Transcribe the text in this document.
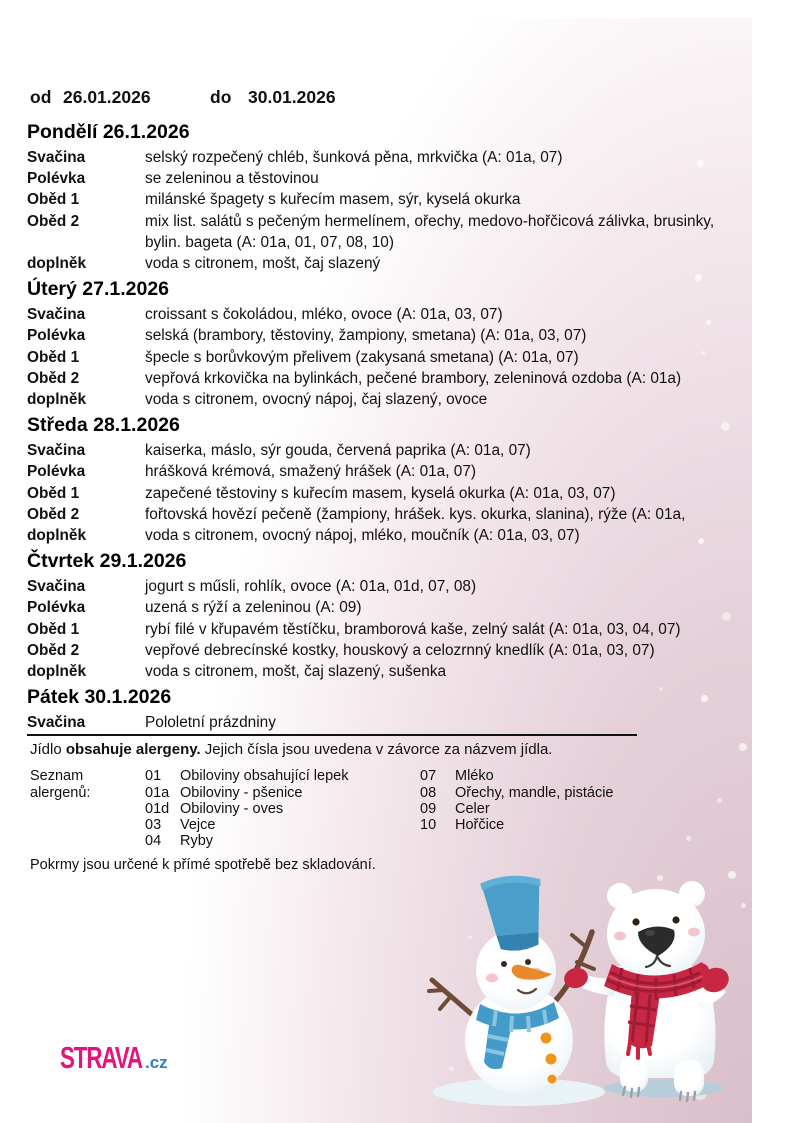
STRAVA .cz
od 26.01.2026	do 30.01.2026
Pondělí 26.1.2026
Svačina	selský rozpečený chléb, šunková pěna, mrkvička (A: 01a, 07)
Polévka	se zeleninou a těstovinou
Oběd 1	milánské špagety s kuřecím masem, sýr, kyselá okurka
Oběd 2	mix list. salátů s pečeným hermelínem, ořechy, medovo-hořčicová zálivka, brusinky, bylin. bageta (A: 01a, 01, 07, 08, 10)
doplněk	voda s citronem, mošt, čaj slazený
Úterý 27.1.2026
Svačina	croissant s čokoládou, mléko, ovoce (A: 01a, 03, 07)
Polévka	selská (brambory, těstoviny, žampiony, smetana) (A: 01a, 03, 07)
Oběd 1	špecle s borůvkovým přelivem (zakysaná smetana) (A: 01a, 07)
Oběd 2	vepřová krkovička na bylinkách, pečené brambory, zeleninová ozdoba (A: 01a)
doplněk	voda s citronem, ovocný nápoj, čaj slazený, ovoce
Středa 28.1.2026
Svačina	kaiserka, máslo, sýr gouda, červená paprika (A: 01a, 07)
Polévka	hrášková krémová, smažený hrášek (A: 01a, 07)
Oběd 1	zapečené těstoviny s kuřecím masem, kyselá okurka (A: 01a, 03, 07)
Oběd 2	fořtovská hovězí pečeně (žampiony, hrášek. kys. okurka, slanina), rýže (A: 01a,
doplněk	voda s citronem, ovocný nápoj, mléko, moučník (A: 01a, 03, 07)
Čtvrtek 29.1.2026
Svačina	jogurt s műsli, rohlík, ovoce (A: 01a, 01d, 07, 08)
Polévka	uzená s rýží a zeleninou (A: 09)
Oběd 1	rybí filé v křupavém těstíčku, bramborová kaše, zelný salát (A: 01a, 03, 04, 07)
Oběd 2	vepřové debrecínské kostky, houskový a celozrnný knedlík (A: 01a, 03, 07)
doplněk	voda s citronem, mošt, čaj slazený, sušenka
Pátek 30.1.2026
Svačina	Pololetní prázdniny

Jídlo obsahuje alergeny. Jejich čísla jsou uvedena v závorce za názvem jídla.

Seznam alergenů:
01	Obiloviny obsahující lepek
01a Obiloviny - pšenice
01d Obiloviny - oves
03	Vejce
04	Ryby
07	Mléko
08	Ořechy, mandle, pistácie
09	Celer
10	Hořčice

Pokrmy jsou určené k přímé spotřebě bez skladování.
